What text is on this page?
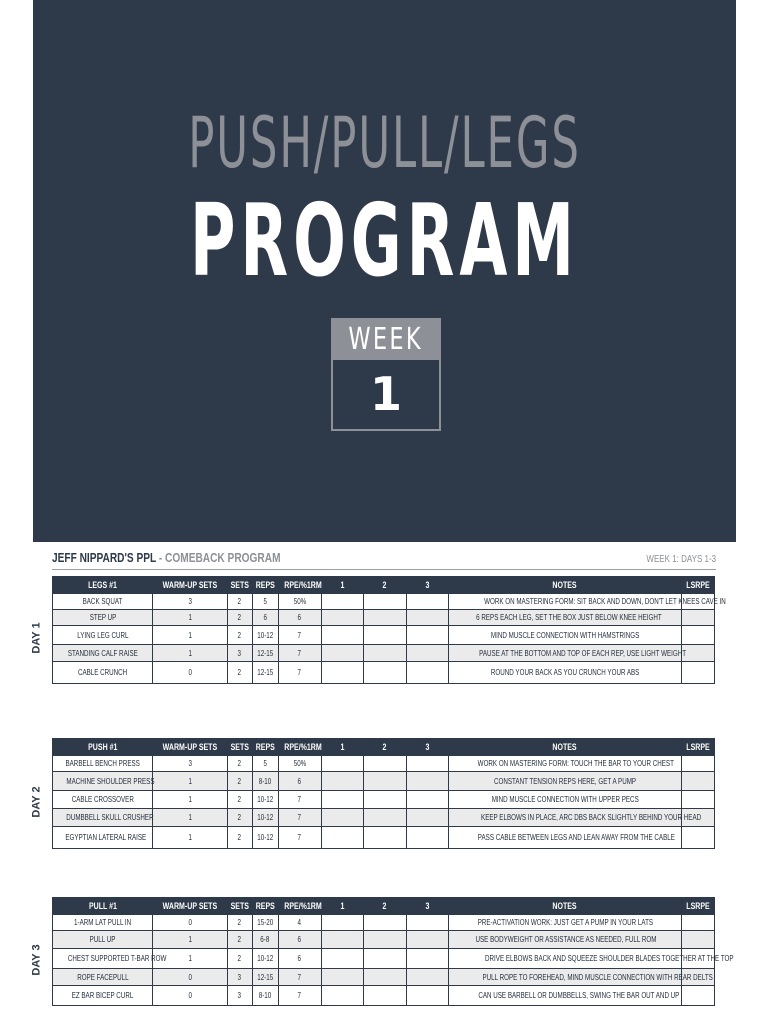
PUSH/PULL/LEGS
PROGRAM
WEEK
1
JEFF NIPPARD'S PPL - COMEBACK PROGRAM	WEEK 1: DAYS 1-3
DAY 1
LEGS #1	WARM-UP SETS	SETS	REPS	RPE/%1RM	1	2	3	NOTES	LSRPE
BACK SQUAT	3	2	5	50%				WORK ON MASTERING FORM: SIT BACK AND DOWN, DON'T LET KNEES CAVE IN	
STEP UP	1	2	6	6				6 REPS EACH LEG, SET THE BOX JUST BELOW KNEE HEIGHT	
LYING LEG CURL	1	2	10-12	7				MIND MUSCLE CONNECTION WITH HAMSTRINGS	
STANDING CALF RAISE	1	3	12-15	7				PAUSE AT THE BOTTOM AND TOP OF EACH REP, USE LIGHT WEIGHT	
CABLE CRUNCH	0	2	12-15	7				ROUND YOUR BACK AS YOU CRUNCH YOUR ABS	
DAY 2
PUSH #1	WARM-UP SETS	SETS	REPS	RPE/%1RM	1	2	3	NOTES	LSRPE
BARBELL BENCH PRESS	3	2	5	50%				WORK ON MASTERING FORM: TOUCH THE BAR TO YOUR CHEST	
MACHINE SHOULDER PRESS	1	2	8-10	6				CONSTANT TENSION REPS HERE, GET A PUMP	
CABLE CROSSOVER	1	2	10-12	7				MIND MUSCLE CONNECTION WITH UPPER PECS	
DUMBBELL SKULL CRUSHER	1	2	10-12	7				KEEP ELBOWS IN PLACE, ARC DBS BACK SLIGHTLY BEHIND YOUR HEAD	
EGYPTIAN LATERAL RAISE	1	2	10-12	7				PASS CABLE BETWEEN LEGS AND LEAN AWAY FROM THE CABLE	
DAY 3
PULL #1	WARM-UP SETS	SETS	REPS	RPE/%1RM	1	2	3	NOTES	LSRPE
1-ARM LAT PULL IN	0	2	15-20	4				PRE-ACTIVATION WORK: JUST GET A PUMP IN YOUR LATS	
PULL UP	1	2	6-8	6				USE BODYWEIGHT OR ASSISTANCE AS NEEDED, FULL ROM	
CHEST SUPPORTED T-BAR ROW	1	2	10-12	6				DRIVE ELBOWS BACK AND SQUEEZE SHOULDER BLADES TOGETHER AT THE TOP	
ROPE FACEPULL	0	3	12-15	7				PULL ROPE TO FOREHEAD, MIND MUSCLE CONNECTION WITH REAR DELTS	
EZ BAR BICEP CURL	0	3	8-10	7				CAN USE BARBELL OR DUMBBELLS, SWING THE BAR OUT AND UP	
